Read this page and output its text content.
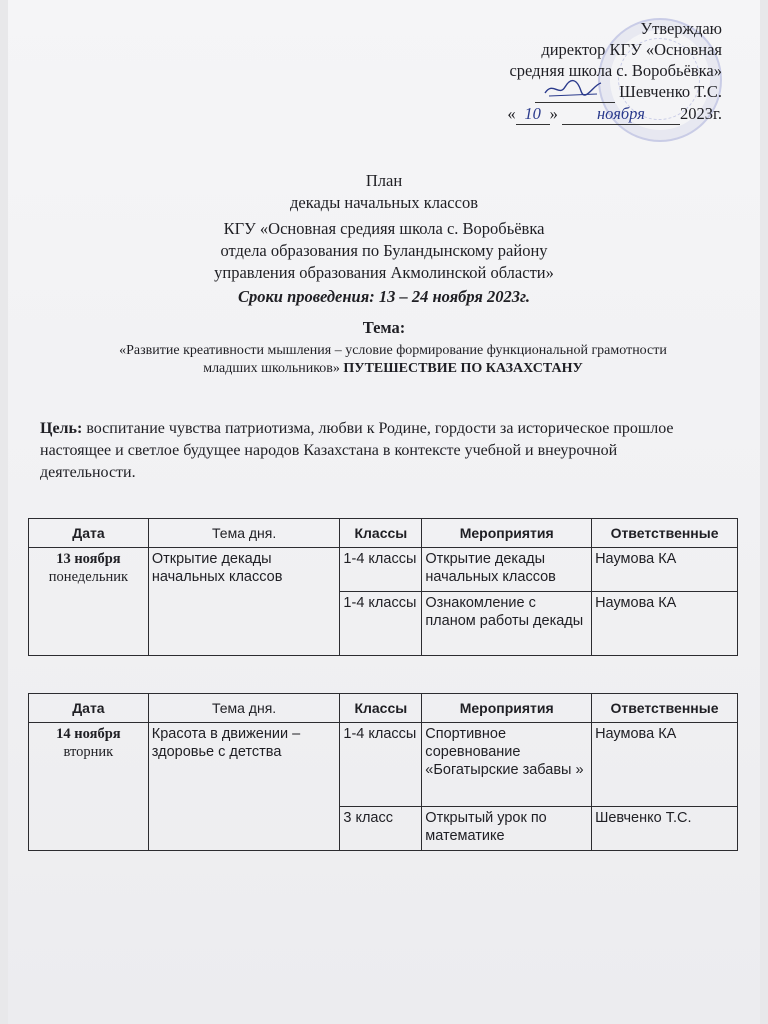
Утверждаю
директор КГУ «Основная
средняя школа с. Воробьёвка»
Шевченко Т.С.
« 10 » ноября 2023г.
План
декады начальных классов
КГУ «Основная средияя школа с. Воробьёвка
отдела образования по Буландынскому району
управления образования Акмолинской области»
Сроки проведения: 13 – 24 ноября 2023г.
Тема:
«Развитие креативности мышления – условие формирование функциональной грамотности
младших школьников» ПУТЕШЕСТВИЕ ПО КАЗАХСТАНУ
Цель: воспитание чувства патриотизма, любви к Родине, гордости за историческое прошлое настоящее и светлое будущее народов Казахстана в контексте учебной и внеурочной деятельности.
Дата	Тема дня.	Классы	Мероприятия	Ответственные

13 ноября
понедельник	Открытие декады начальных классов	1-4 классы	Открытие декады начальных классов	Наумова КА
		1-4 классы	Ознакомление с планом работы декады	Наумова КА
Дата	Тема дня.	Классы	Мероприятия	Ответственные

14 ноября
вторник	Красота в движении – здоровье с детства	1-4 классы	Спортивное соревнование «Богатырские забавы »	Наумова КА
		3 класс	Открытый урок по математике	Шевченко Т.С.
